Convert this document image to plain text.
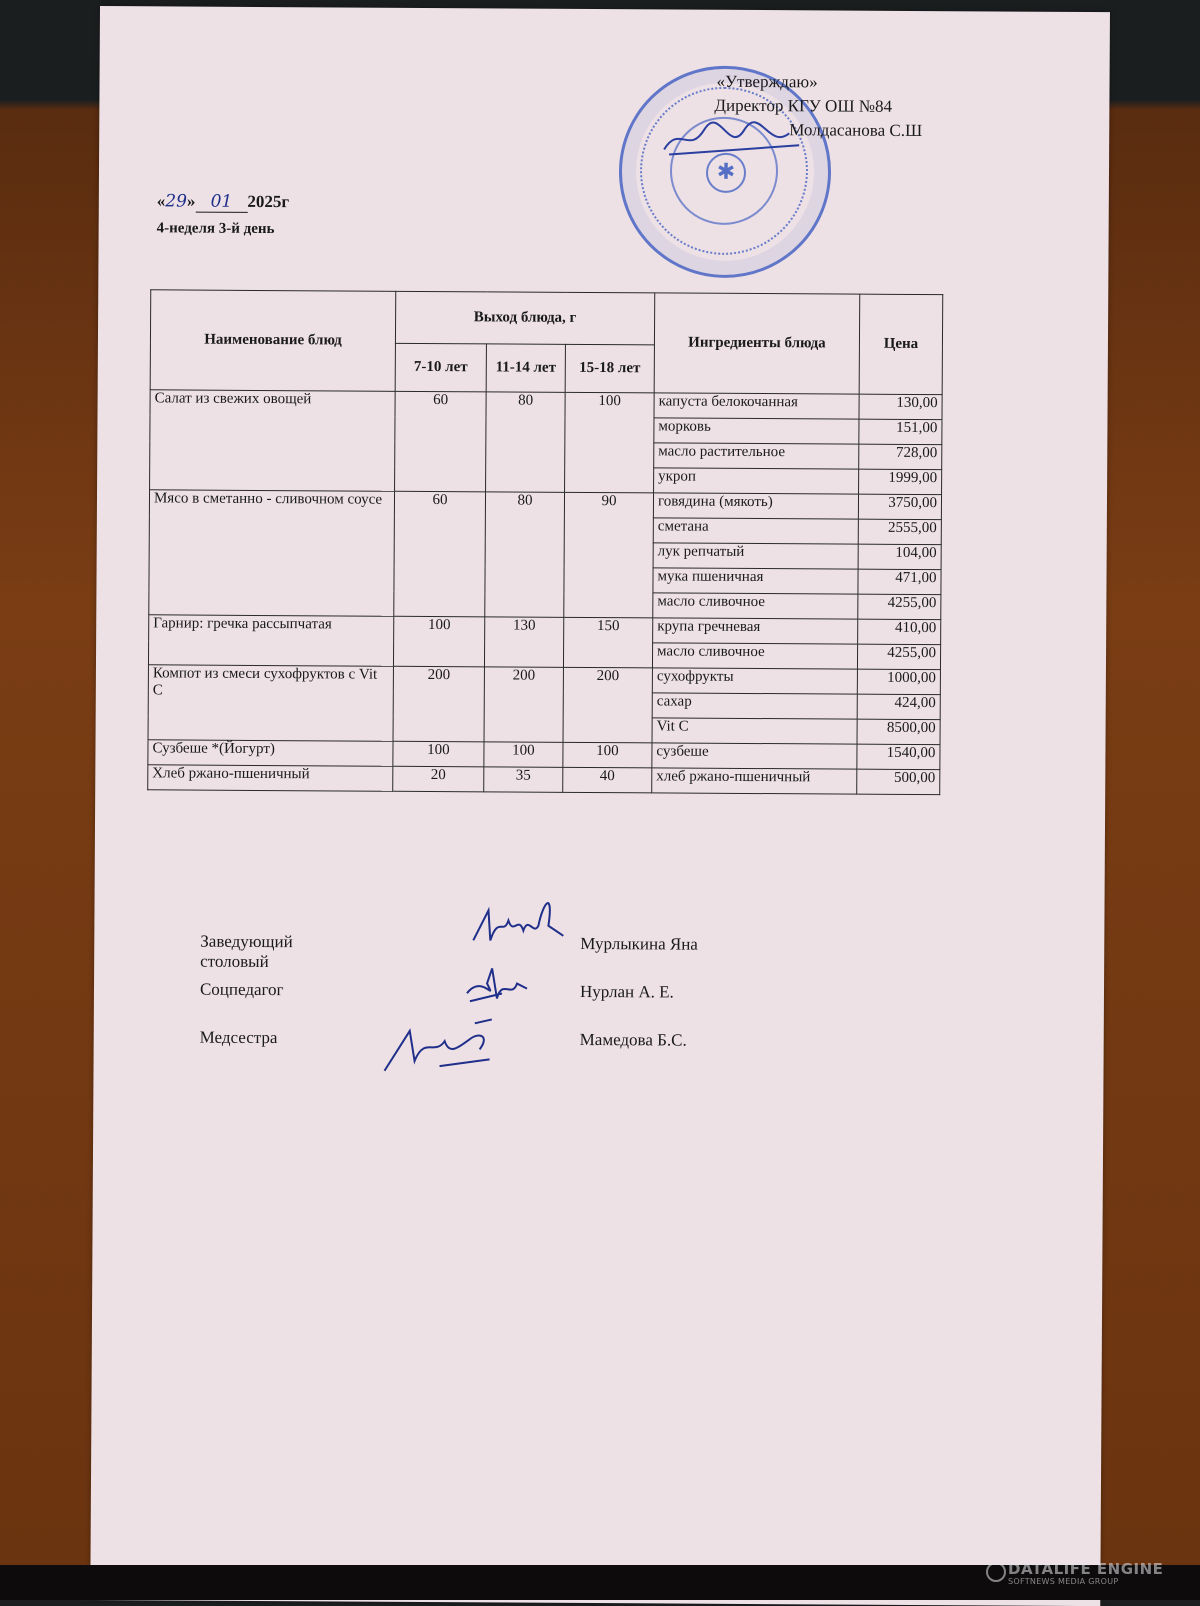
✱
«Утверждаю»
Директор КГУ ОШ №84
Молдасанова С.Ш
«29» 01 2025г
4-неделя 3-й день
Наименование блюд	Выход блюда, г			Ингредиенты блюда	Цена
	7-10 лет	11-14 лет	15-18 лет		
Салат из свежих овощей	60	80	100	капуста белокочанная	130,00
				морковь	151,00
				масло растительное	728,00
				укроп	1999,00
Мясо в сметанно - сливочном соусе	60	80	90	говядина (мякоть)	3750,00
				сметана	2555,00
				лук репчатый	104,00
				мука пшеничная	471,00
				масло сливочное	4255,00
Гарнир: гречка рассыпчатая	100	130	150	крупа гречневая	410,00
				масло сливочное	4255,00
Компот из смеси сухофруктов с Vit C	200	200	200	сухофрукты	1000,00
				сахар	424,00
				Vit C	8500,00
Сузбеше *(Йогурт)	100	100	100	сузбеше	1540,00
Хлеб ржано-пшеничный	20	35	40	хлеб ржано-пшеничный	500,00
Заведующий столовый
Мурлыкина Яна
Соцпедагог	Нурлан А. Е.
Медсестра	Мамедова Б.С.
DATALIFE ENGINE
SOFTNEWS MEDIA GROUP
